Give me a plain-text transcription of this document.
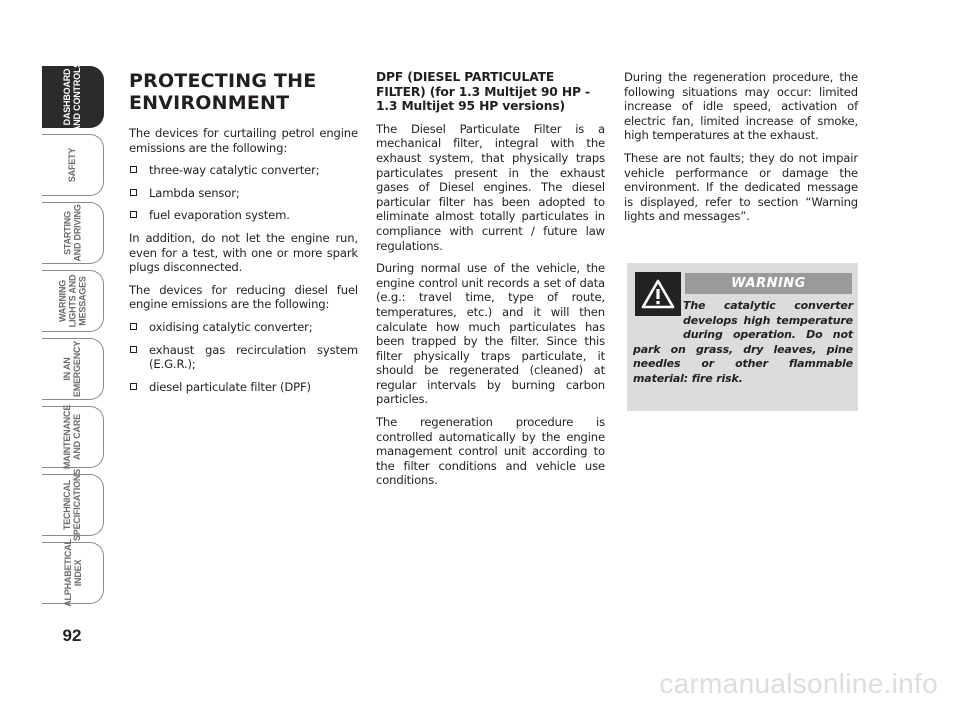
DASHBOARD
AND CONTROLS
SAFETY
STARTING
AND DRIVING
WARNING
LIGHTS AND
MESSAGES
IN AN
EMERGENCY
MAINTENANCE
AND CARE
TECHNICAL
SPECIFICATIONS
ALPHABETICAL
INDEX
92
PROTECTING THE ENVIRONMENT

The devices for curtailing petrol engine emissions are the following:

three-way catalytic converter;
Lambda sensor;
fuel evaporation system.

In addition, do not let the engine run, even for a test, with one or more spark plugs disconnected.

The devices for reducing diesel fuel engine emissions are the following:

oxidising catalytic converter;
exhaust gas recirculation system (E.G.R.);
diesel particulate filter (DPF)
DPF (DIESEL PARTICULATE FILTER) (for 1.3 Multijet 90 HP - 1.3 Multijet 95 HP versions)

The Diesel Particulate Filter is a mechanical filter, integral with the exhaust system, that physically traps particulates present in the exhaust gases of Diesel engines. The diesel particular filter has been adopted to eliminate almost totally particulates in compliance with current / future law regulations.

During normal use of the vehicle, the engine control unit records a set of data (e.g.: travel time, type of route, temperatures, etc.) and it will then calculate how much particulates has been trapped by the filter. Since this filter physically traps particulate, it should be regenerated (cleaned) at regular intervals by burning carbon particles.

The regeneration procedure is controlled automatically by the engine management control unit according to the filter conditions and vehicle use conditions.

During the regeneration procedure, the following situations may occur: limited increase of idle speed, activation of electric fan, limited increase of smoke, high temperatures at the exhaust.

These are not faults; they do not impair vehicle performance or damage the environment. If the dedicated message is displayed, refer to section “Warning lights and messages”.

WARNING
The catalytic converter develops high temperature during operation. Do not park on grass, dry leaves, pine needles or other flammable material: fire risk.
carmanualsonline.info
